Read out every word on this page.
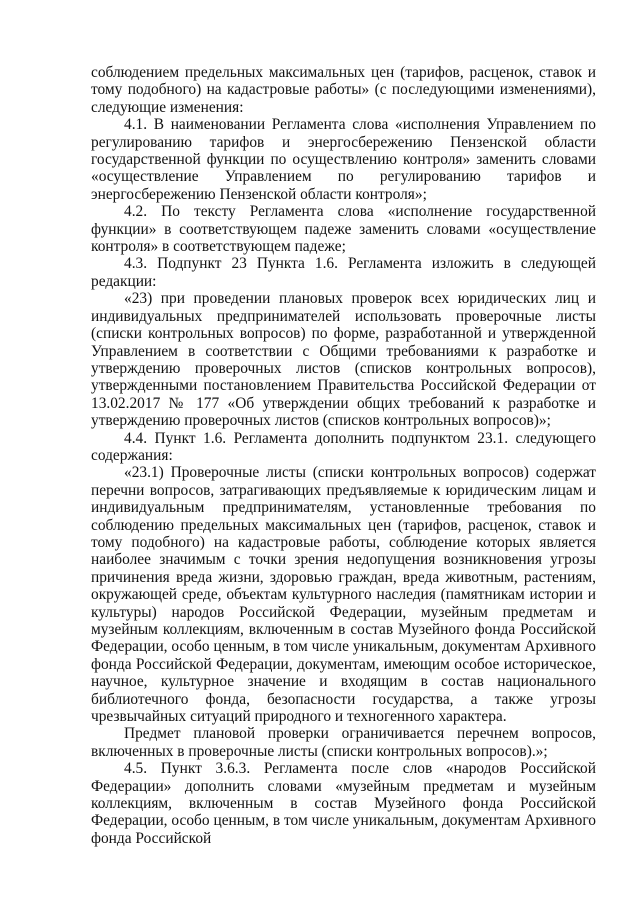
соблюдением предельных максимальных цен (тарифов, расценок, ставок и тому подобного) на кадастровые работы» (с последующими изменениями), следующие изменения:

4.1. В наименовании Регламента слова «исполнения Управлением по регулированию тарифов и энергосбережению Пензенской области государственной функции по осуществлению контроля» заменить словами «осуществление Управлением по регулированию тарифов и энергосбережению Пензенской области контроля»;

4.2. По тексту Регламента слова «исполнение государственной функции» в соответствующем падеже заменить словами «осуществление контроля» в соответствующем падеже;

4.3. Подпункт 23 Пункта 1.6. Регламента изложить в следующей редакции:

«23) при проведении плановых проверок всех юридических лиц и индивидуальных предпринимателей использовать проверочные листы (списки контрольных вопросов) по форме, разработанной и утвержденной Управлением в соответствии с Общими требованиями к разработке и утверждению проверочных листов (списков контрольных вопросов), утвержденными постановлением Правительства Российской Федерации от 13.02.2017 № 177 «Об утверждении общих требований к разработке и утверждению проверочных листов (списков контрольных вопросов)»;

4.4. Пункт 1.6. Регламента дополнить подпунктом 23.1. следующего содержания:

«23.1) Проверочные листы (списки контрольных вопросов) содержат перечни вопросов, затрагивающих предъявляемые к юридическим лицам и индивидуальным предпринимателям, установленные требования по соблюдению предельных максимальных цен (тарифов, расценок, ставок и тому подобного) на кадастровые работы, соблюдение которых является наиболее значимым с точки зрения недопущения возникновения угрозы причинения вреда жизни, здоровью граждан, вреда животным, растениям, окружающей среде, объектам культурного наследия (памятникам истории и культуры) народов Российской Федерации, музейным предметам и музейным коллекциям, включенным в состав Музейного фонда Российской Федерации, особо ценным, в том числе уникальным, документам Архивного фонда Российской Федерации, документам, имеющим особое историческое, научное, культурное значение и входящим в состав национального библиотечного фонда, безопасности государства, а также угрозы чрезвычайных ситуаций природного и техногенного характера.

Предмет плановой проверки ограничивается перечнем вопросов, включенных в проверочные листы (списки контрольных вопросов).»;

4.5. Пункт 3.6.3. Регламента после слов «народов Российской Федерации» дополнить словами «музейным предметам и музейным коллекциям, включенным в состав Музейного фонда Российской Федерации, особо ценным, в том числе уникальным, документам Архивного фонда Российской
